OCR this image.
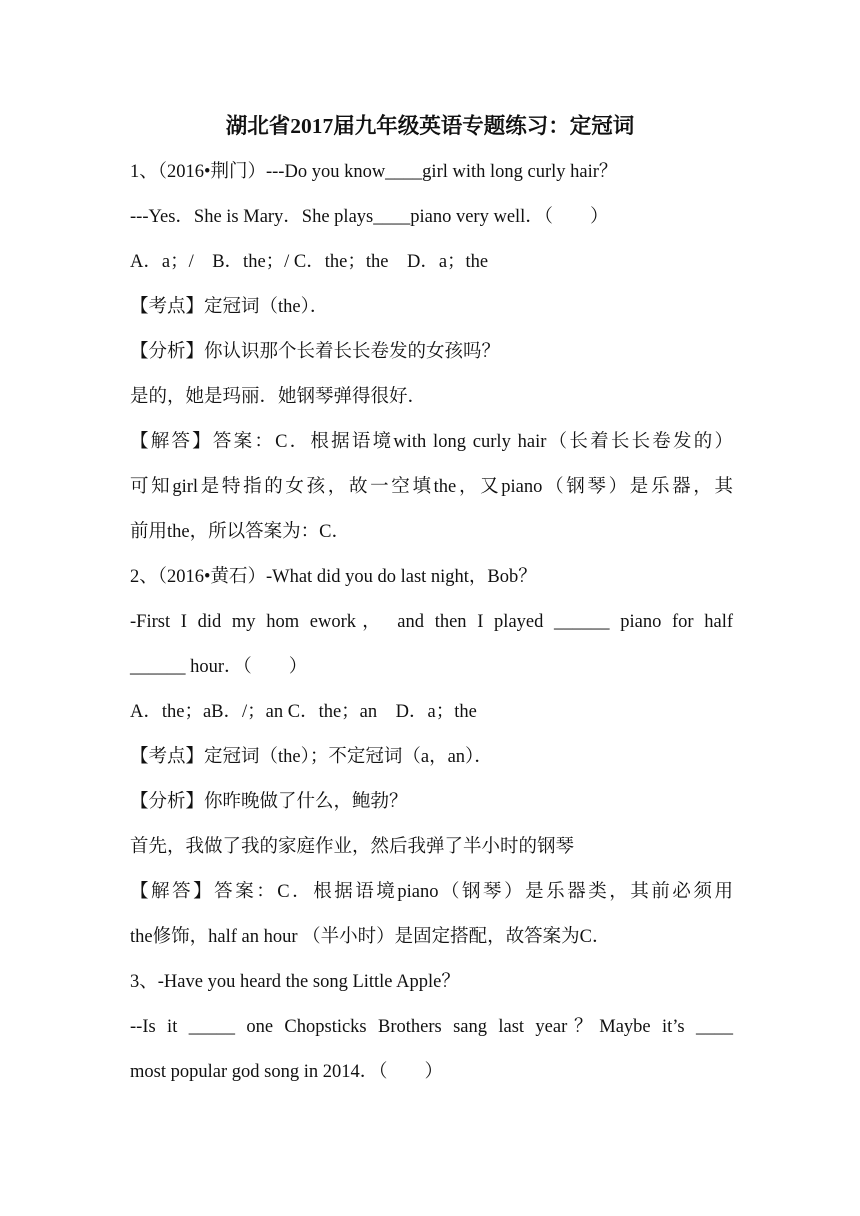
湖北省2017届九年级英语专题练习：定冠词
1、（2016•荆门）---Do you know____girl with long curly hair？
---Yes．She is Mary．She plays____piano very well．（　　）
A．a；/　B．the；/ C．the；the　D．a；the
【考点】定冠词（the）．
【分析】你认识那个长着长长卷发的女孩吗？
是的，她是玛丽．她钢琴弹得很好．
【解答】答案：C．根据语境with long curly hair（长着长长卷发的）
可知girl是特指的女孩，故一空填the，又piano（钢琴）是乐器，其
前用the，所以答案为：C．
2、（2016•黄石）-What did you do last night，Bob？
-First I did my hom ework， and then I played ______ piano for half
______ hour．（　　）
A．the；aB．/；an C．the；an　D．a；the
【考点】定冠词（the）；不定冠词（a，an）．
【分析】你昨晚做了什么，鲍勃？
首先，我做了我的家庭作业，然后我弹了半小时的钢琴
【解答】答案：C．根据语境piano（钢琴）是乐器类，其前必须用
the修饰，half an hour （半小时）是固定搭配，故答案为C．
3、-Have you heard the song Little Apple？
--Is it _____ one Chopsticks Brothers sang last year？Maybe it’s ____
most popular god song in 2014．（　　）
